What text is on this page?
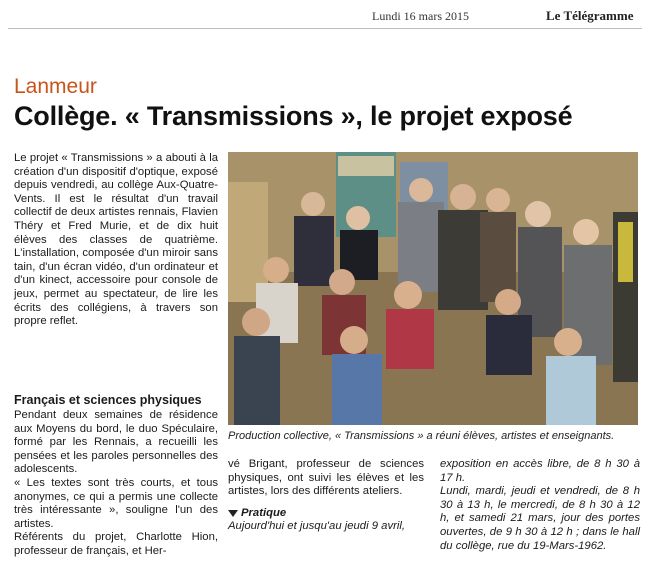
Lundi 16 mars 2015	Le Télégramme
Lanmeur
Collège. « Transmissions », le projet exposé

Le projet « Transmissions » a abouti à la création d'un dispositif d'optique, exposé depuis vendredi, au collège Aux-Quatre-Vents. Il est le résultat d'un travail collectif de deux artistes rennais, Flavien Théry et Fred Murie, et de dix huit élèves des classes de quatrième. L'installation, composée d'un miroir sans tain, d'un écran vidéo, d'un ordinateur et d'un kinect, accessoire pour console de jeux, permet au spectateur, de lire les écrits des collégiens, à travers son propre reflet.

Français et sciences physiques

Pendant deux semaines de résidence aux Moyens du bord, le duo Spéculaire, formé par les Rennais, a recueilli les pensées et les paroles personnelles des adolescents.

« Les textes sont très courts, et tous anonymes, ce qui a permis une collecte très intéressante », souligne l'un des artistes.

Référents du projet, Charlotte Hion, professeur de français, et Her-

Production collective, « Transmissions » a réuni élèves, artistes et enseignants.

vé Brigant, professeur de sciences physiques, ont suivi les élèves et les artistes, lors des différents ateliers.

Pratique

Aujourd'hui et jusqu'au jeudi 9 avril,

exposition en accès libre, de 8 h 30 à 17 h.

Lundi, mardi, jeudi et vendredi, de 8 h 30 à 13 h, le mercredi, de 8 h 30 à 12 h, et samedi 21 mars, jour des portes ouvertes, de 9 h 30 à 12 h ; dans le hall du collège, rue du 19-Mars-1962.
